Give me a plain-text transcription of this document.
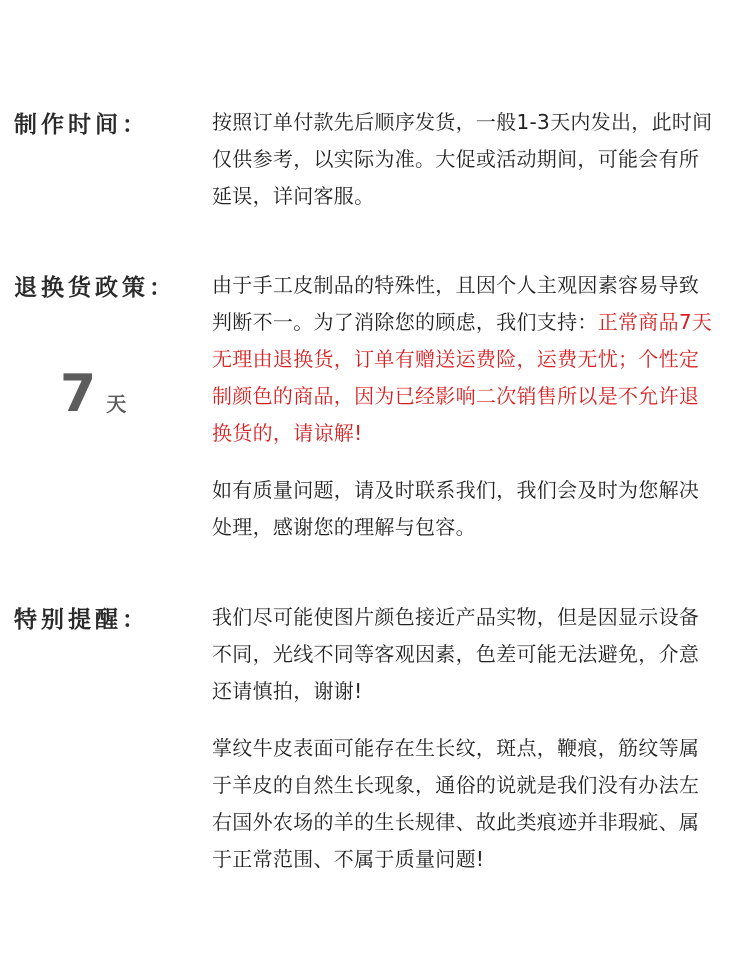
制作时间：	按照订单付款先后顺序发货，一般1-3天内发出，此时间仅供参考，以实际为准。大促或活动期间，可能会有所延误，详问客服。
退换货政策：
7 天
由于手工皮制品的特殊性，且因个人主观因素容易导致判断不一。为了消除您的顾虑，我们支持：正常商品7天无理由退换货，订单有赠送运费险，运费无忧；个性定制颜色的商品，因为已经影响二次销售所以是不允许退换货的，请谅解!
如有质量问题，请及时联系我们，我们会及时为您解决处理，感谢您的理解与包容。
特别提醒：	我们尽可能使图片颜色接近产品实物，但是因显示设备不同，光线不同等客观因素，色差可能无法避免，介意还请慎拍，谢谢!
掌纹牛皮表面可能存在生长纹，斑点，鞭痕，筋纹等属于羊皮的自然生长现象，通俗的说就是我们没有办法左右国外农场的羊的生长规律、故此类痕迹并非瑕疵、属于正常范围、不属于质量问题!
